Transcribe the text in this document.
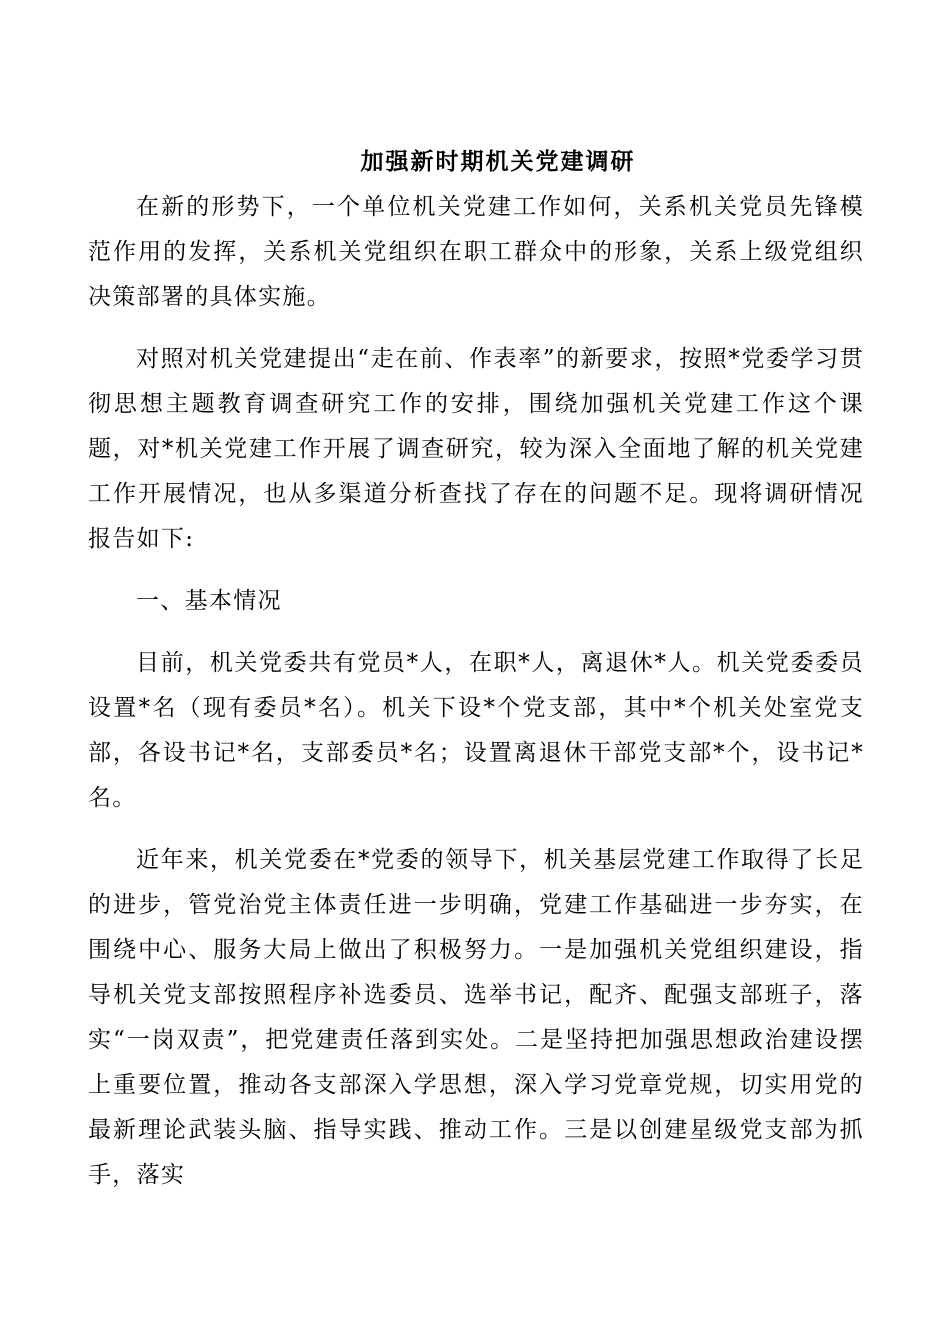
加强新时期机关党建调研

在新的形势下，一个单位机关党建工作如何，关系机关党员先锋模范作用的发挥，关系机关党组织在职工群众中的形象，关系上级党组织决策部署的具体实施。

对照对机关党建提出“走在前、作表率”的新要求，按照*党委学习贯彻思想主题教育调查研究工作的安排，围绕加强机关党建工作这个课题，对*机关党建工作开展了调查研究，较为深入全面地了解的机关党建工作开展情况，也从多渠道分析查找了存在的问题不足。现将调研情况报告如下:

一、基本情况

目前，机关党委共有党员*人，在职*人，离退休*人。机关党委委员设置*名（现有委员*名）。机关下设*个党支部，其中*个机关处室党支部，各设书记*名，支部委员*名；设置离退休干部党支部*个，设书记*名。

近年来，机关党委在*党委的领导下，机关基层党建工作取得了长足的进步，管党治党主体责任进一步明确，党建工作基础进一步夯实，在围绕中心、服务大局上做出了积极努力。一是加强机关党组织建设，指导机关党支部按照程序补选委员、选举书记，配齐、配强支部班子，落实“一岗双责”，把党建责任落到实处。二是坚持把加强思想政治建设摆上重要位置，推动各支部深入学思想，深入学习党章党规，切实用党的最新理论武装头脑、指导实践、推动工作。三是以创建星级党支部为抓手，落实
